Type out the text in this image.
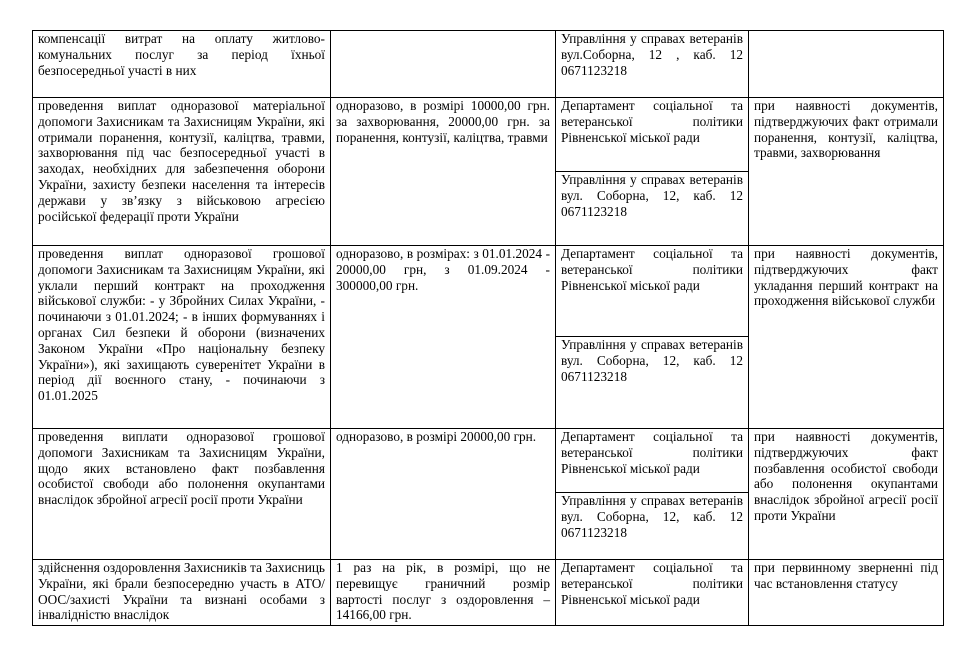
компенсації витрат на оплату житлово-комунальних послуг за період їхньої безпосередньої участі в них		Управління у справах ветеранів вул.Соборна, 12 , каб. 12 0671123218	
проведення виплат одноразової матеріальної допомоги Захисникам та Захисницям України, які отримали поранення, контузії, каліцтва, травми, захворювання під час безпосередньої участі в заходах, необхідних для забезпечення оборони України, захисту безпеки населення та інтересів держави у зв’язку з військовою агресією російської федерації проти України	одноразово, в розмірі 10000,00 грн. за захворювання, 20000,00 грн. за поранення, контузії, каліцтва, травми	Департамент соціальної та ветеранської політики Рівненської міської ради	при наявності документів, підтверджуючих факт отримали поранення, контузії, каліцтва, травми, захворювання
		Управління у справах ветеранів вул. Соборна, 12, каб. 12 0671123218	
проведення виплат одноразової грошової допомоги Захисникам та Захисницям України, які уклали перший контракт на проходження військової служби: - у Збройних Силах України, - починаючи з 01.01.2024; - в інших формуваннях і органах Сил безпеки й оборони (визначених Законом України «Про національну безпеку України»), які захищають суверенітет України в період дії воєнного стану, - починаючи з 01.01.2025	одноразово, в розмірах: з 01.01.2024 - 20000,00 грн, з 01.09.2024 - 300000,00 грн.	Департамент соціальної та ветеранської політики Рівненської міської ради	при наявності документів, підтверджуючих факт укладання перший контракт на проходження військової служби
		Управління у справах ветеранів вул. Соборна, 12, каб. 12 0671123218	
проведення виплати одноразової грошової допомоги Захисникам та Захисницям України, щодо яких встановлено факт позбавлення особистої свободи або полонення окупантами внаслідок збройної агресії росії проти України	одноразово, в розмірі 20000,00 грн.	Департамент соціальної та ветеранської політики Рівненської міської ради	при наявності документів, підтверджуючих факт позбавлення особистої свободи або полонення окупантами внаслідок збройної агресії росії проти України
		Управління у справах ветеранів вул. Соборна, 12, каб. 12 0671123218	
здійснення оздоровлення Захисників та Захисниць України, які брали безпосередню участь в АТО/ООС/захисті України та визнані особами з інвалідністю внаслідок	1 раз на рік, в розмірі, що не перевищує граничний розмір вартості послуг з оздоровлення – 14166,00 грн.	Департамент соціальної та ветеранської політики Рівненської міської ради	при первинному зверненні під час встановлення статусу
